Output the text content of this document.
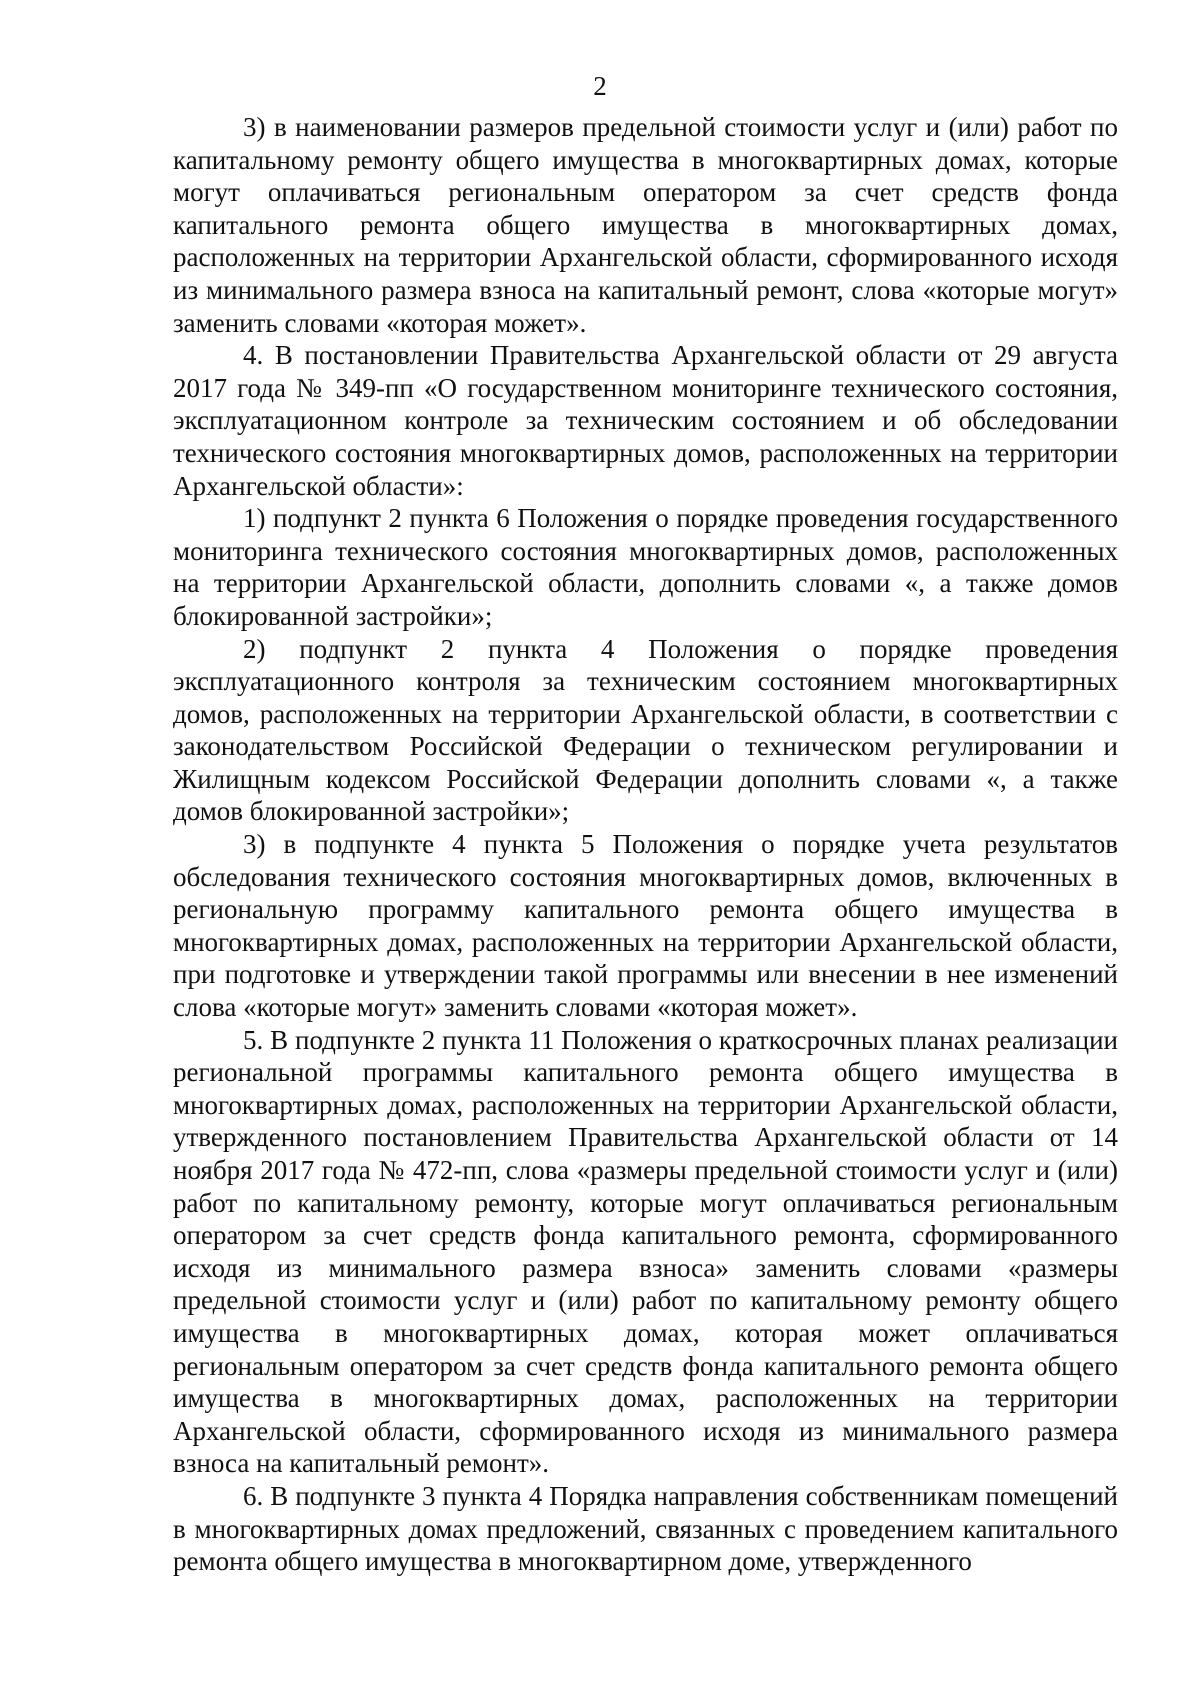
2

3) в наименовании размеров предельной стоимости услуг и (или) работ по капитальному ремонту общего имущества в многоквартирных домах, которые могут оплачиваться региональным оператором за счет средств фонда капитального ремонта общего имущества в многоквартирных домах, расположенных на территории Архангельской области, сформированного исходя из минимального размера взноса на капитальный ремонт, слова «которые могут» заменить словами «которая может».

4. В постановлении Правительства Архангельской области от 29 августа 2017 года № 349-пп «О государственном мониторинге технического состояния, эксплуатационном контроле за техническим состоянием и об обследовании технического состояния многоквартирных домов, расположенных на территории Архангельской области»:

1) подпункт 2 пункта 6 Положения о порядке проведения государственного мониторинга технического состояния многоквартирных домов, расположенных на территории Архангельской области, дополнить словами «, а также домов блокированной застройки»;

2) подпункт 2 пункта 4 Положения о порядке проведения эксплуатационного контроля за техническим состоянием многоквартирных домов, расположенных на территории Архангельской области, в соответствии с законодательством Российской Федерации о техническом регулировании и Жилищным кодексом Российской Федерации дополнить словами «, а также домов блокированной застройки»;

3) в подпункте 4 пункта 5 Положения о порядке учета результатов обследования технического состояния многоквартирных домов, включенных в региональную программу капитального ремонта общего имущества в многоквартирных домах, расположенных на территории Архангельской области, при подготовке и утверждении такой программы или внесении в нее изменений слова «которые могут» заменить словами «которая может».

5. В подпункте 2 пункта 11 Положения о краткосрочных планах реализации региональной программы капитального ремонта общего имущества в многоквартирных домах, расположенных на территории Архангельской области, утвержденного постановлением Правительства Архангельской области от 14 ноября 2017 года № 472-пп, слова «размеры предельной стоимости услуг и (или) работ по капитальному ремонту, которые могут оплачиваться региональным оператором за счет средств фонда капитального ремонта, сформированного исходя из минимального размера взноса» заменить словами «размеры предельной стоимости услуг и (или) работ по капитальному ремонту общего имущества в многоквартирных домах, которая может оплачиваться региональным оператором за счет средств фонда капитального ремонта общего имущества в многоквартирных домах, расположенных на территории Архангельской области, сформированного исходя из минимального размера взноса на капитальный ремонт».

6. В подпункте 3 пункта 4 Порядка направления собственникам помещений в многоквартирных домах предложений, связанных с проведением капитального ремонта общего имущества в многоквартирном доме, утвержденного
